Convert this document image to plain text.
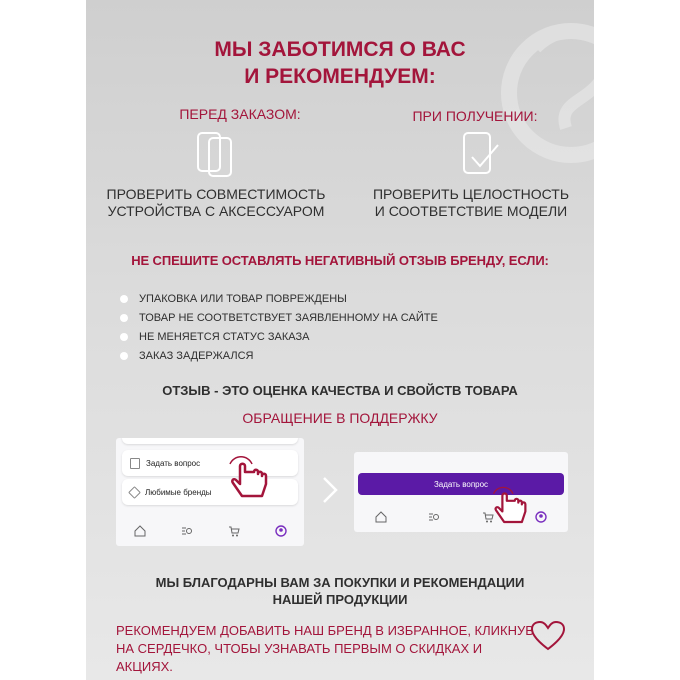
МЫ ЗАБОТИМСЯ О ВАС
И РЕКОМЕНДУЕМ:
ПЕРЕД ЗАКАЗОМ:
ПРОВЕРИТЬ СОВМЕСТИМОСТЬ
УСТРОЙСТВА С АКСЕССУАРОМ
ПРИ ПОЛУЧЕНИИ:
ПРОВЕРИТЬ ЦЕЛОСТНОСТЬ
И СООТВЕТСТВИЕ МОДЕЛИ
НЕ СПЕШИТЕ ОСТАВЛЯТЬ НЕГАТИВНЫЙ ОТЗЫВ БРЕНДУ, ЕСЛИ:
УПАКОВКА ИЛИ ТОВАР ПОВРЕЖДЕНЫ
ТОВАР НЕ СООТВЕТСТВУЕТ ЗАЯВЛЕННОМУ НА САЙТЕ
НЕ МЕНЯЕТСЯ СТАТУС ЗАКАЗА
ЗАКАЗ ЗАДЕРЖАЛСЯ
ОТЗЫВ - ЭТО ОЦЕНКА КАЧЕСТВА И СВОЙСТВ ТОВАРА
ОБРАЩЕНИЕ В ПОДДЕРЖКУ
Задать вопрос
Любимые бренды
Задать вопрос
МЫ БЛАГОДАРНЫ ВАМ ЗА ПОКУПКИ И РЕКОМЕНДАЦИИ
НАШЕЙ ПРОДУКЦИИ
РЕКОМЕНДУЕМ ДОБАВИТЬ НАШ БРЕНД В ИЗБРАННОЕ, КЛИКНУВ
НА СЕРДЕЧКО, ЧТОБЫ УЗНАВАТЬ ПЕРВЫМ О СКИДКАХ И АКЦИЯХ.
